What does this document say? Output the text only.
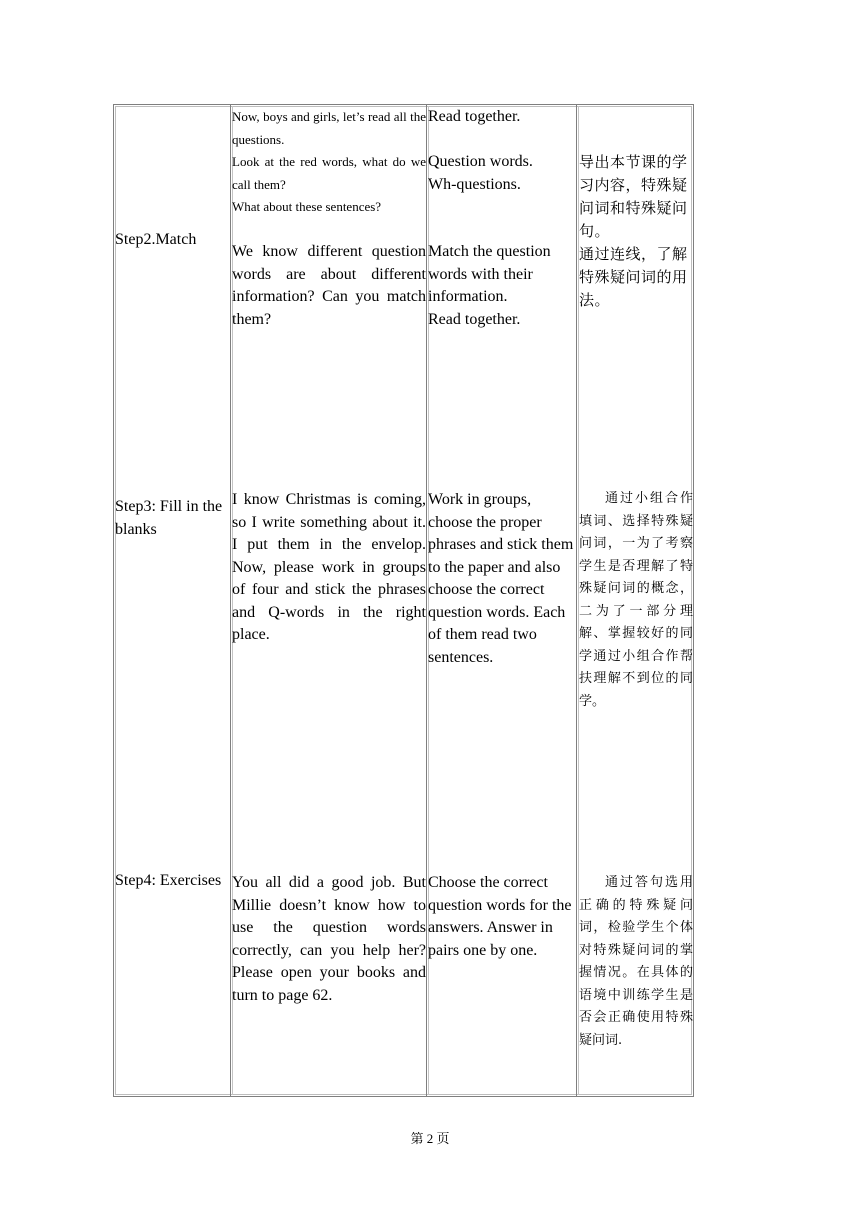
Step2.Match
Now, boys and girls, let’s read all the questions.
Look at the red words, what do we call them?
What about these sentences?
We know different question words are about different information? Can you match them?
Read together.
Question words.
Wh-questions.
Match the question words with their information.
Read together.
导出本节课的学习内容，特殊疑问词和特殊疑问句。
通过连线，了解特殊疑问词的用法。
Step3: Fill in the blanks
I know Christmas is coming, so I write something about it. I put them in the envelop. Now, please work in groups of four and stick the phrases and Q-words in the right place.
Work in groups, choose the proper phrases and stick them to the paper and also choose the correct question words. Each of them read two sentences.
通过小组合作填词、选择特殊疑问词，一为了考察学生是否理解了特殊疑问词的概念，二为了一部分理解、掌握较好的同学通过小组合作帮扶理解不到位的同学。
Step4: Exercises You all did a good job. But Millie doesn’t know how to use the question words correctly, can you help her? Please open your books and turn to page 62.
Choose the correct question words for the answers. Answer in pairs one by one.
通过答句选用正确的特殊疑问词，检验学生个体对特殊疑问词的掌握情况。在具体的语境中训练学生是否会正确使用特殊疑问词.
第 2 页
